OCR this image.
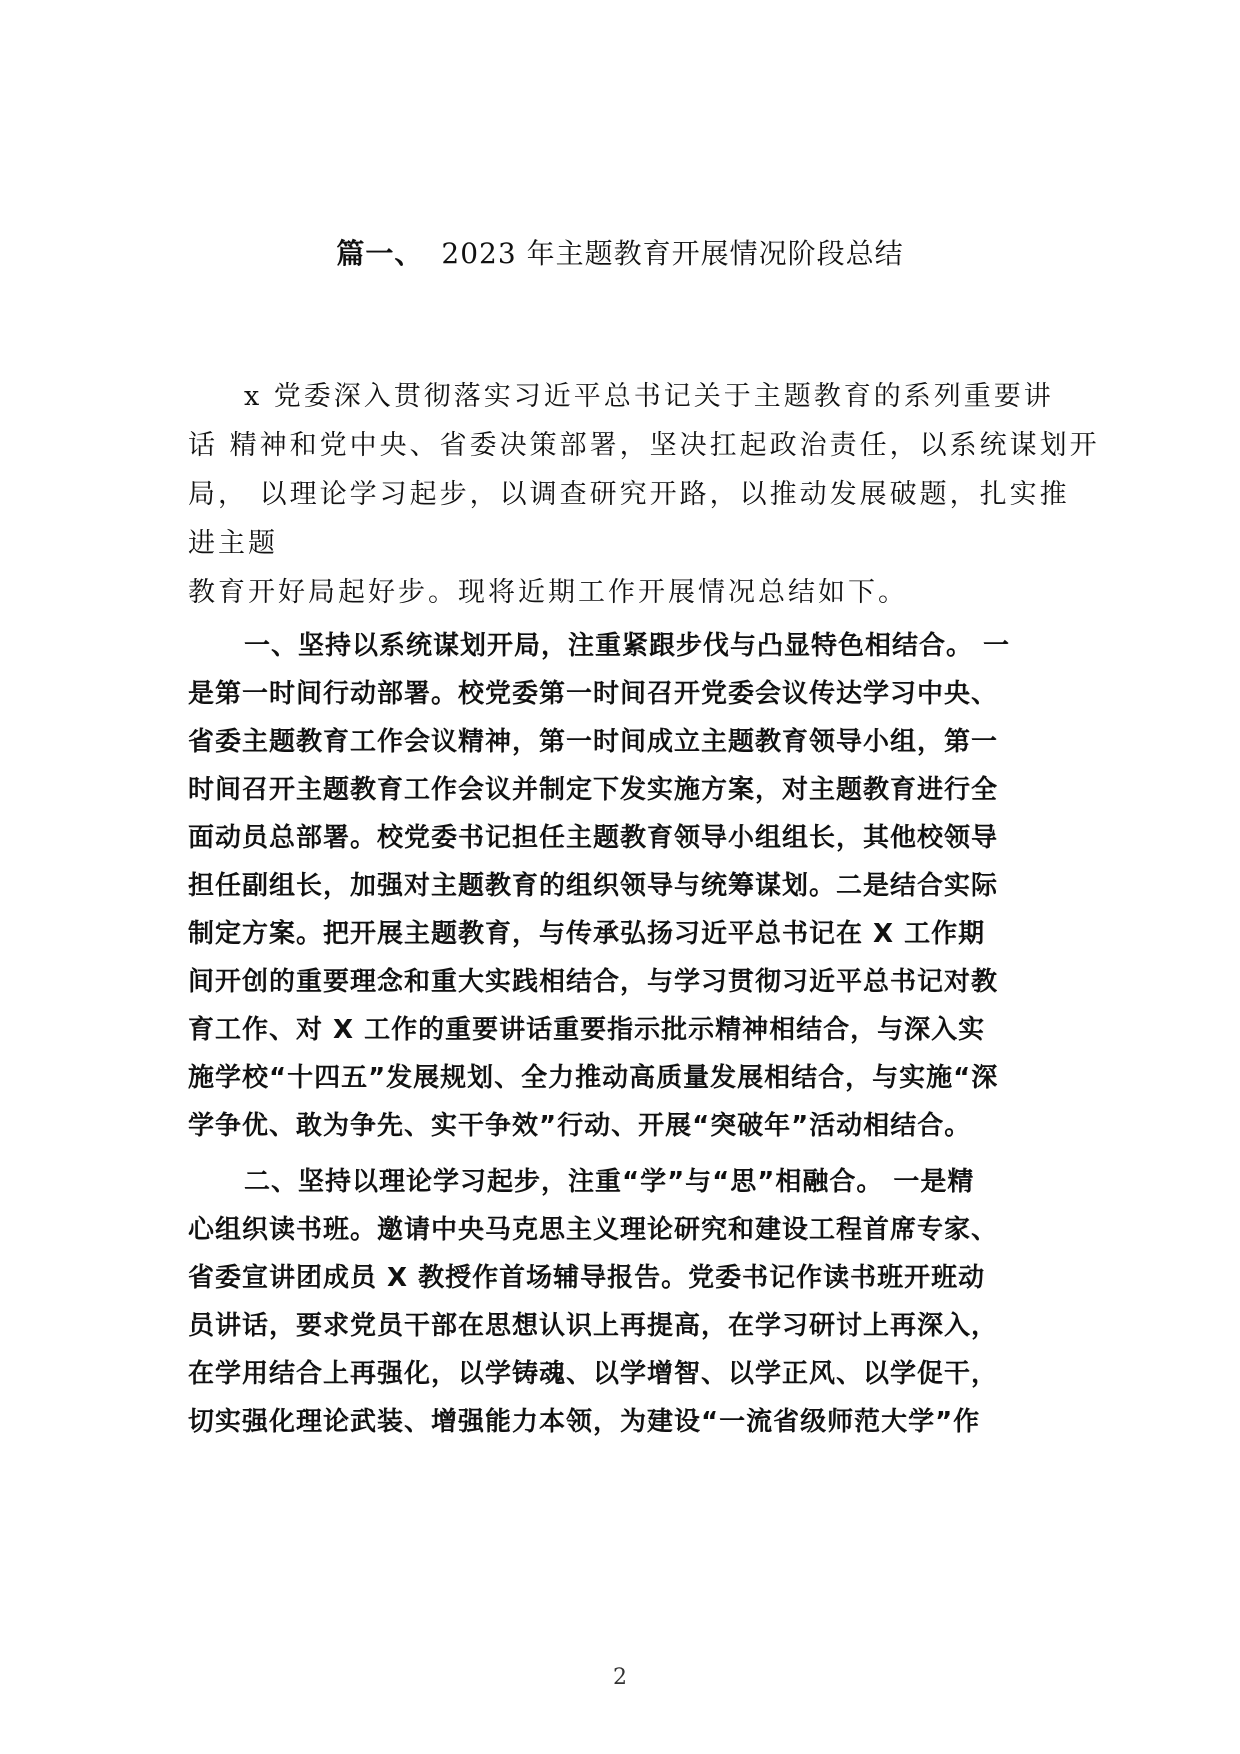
篇一、 2023 年主题教育开展情况阶段总结
x 党委深入贯彻落实习近平总书记关于主题教育的系列重要讲
话 精神和党中央、省委决策部署，坚决扛起政治责任，以系统谋划开
局， 以理论学习起步，以调查研究开路，以推动发展破题，扎实推
进主题
教育开好局起好步。现将近期工作开展情况总结如下。
一、坚持以系统谋划开局，注重紧跟步伐与凸显特色相结合。 一
是第一时间行动部署。校党委第一时间召开党委会议传达学习中央、
省委主题教育工作会议精神，第一时间成立主题教育领导小组，第一
时间召开主题教育工作会议并制定下发实施方案，对主题教育进行全
面动员总部署。校党委书记担任主题教育领导小组组长，其他校领导
担任副组长，加强对主题教育的组织领导与统筹谋划。二是结合实际
制定方案。把开展主题教育，与传承弘扬习近平总书记在 X 工作期
间开创的重要理念和重大实践相结合，与学习贯彻习近平总书记对教
育工作、对 X 工作的重要讲话重要指示批示精神相结合，与深入实
施学校“十四五”发展规划、全力推动高质量发展相结合，与实施“深
学争优、敢为争先、实干争效”行动、开展“突破年”活动相结合。
二、坚持以理论学习起步，注重“学”与“思”相融合。 一是精
心组织读书班。邀请中央马克思主义理论研究和建设工程首席专家、
省委宣讲团成员 X 教授作首场辅导报告。党委书记作读书班开班动
员讲话，要求党员干部在思想认识上再提高，在学习研讨上再深入，
在学用结合上再强化，以学铸魂、以学增智、以学正风、以学促干，
切实强化理论武装、增强能力本领，为建设“一流省级师范大学”作
2
